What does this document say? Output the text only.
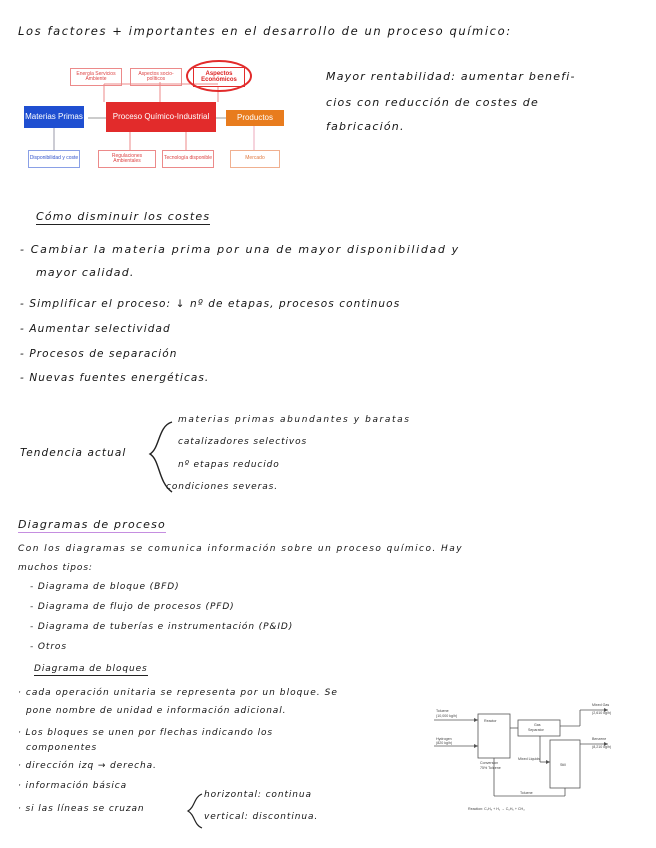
Los factores + importantes en el desarrollo de un proceso químico:
Energía Servicios Ambiente
Aspectos socio-políticos
Aspectos Económicos
Materias Primas	Proceso Químico-Industrial	Productos
Disponibilidad y coste	Regulaciones Ambientales	Tecnología disponible	Mercado
Mayor rentabilidad: aumentar benefi-
cios con reducción de costes de
fabricación.
Cómo disminuir los costes
- Cambiar la materia prima por una de mayor disponibilidad y
mayor calidad.
- Simplificar el proceso: ↓ nº de etapas, procesos continuos
- Aumentar selectividad
- Procesos de separación
- Nuevas fuentes energéticas.
Tendencia actual
materias primas abundantes y baratas
catalizadores selectivos
nº etapas reducido
condiciones severas.
Diagramas de proceso
Con los diagramas se comunica información sobre un proceso químico. Hay
muchos tipos:
- Diagrama de bloque (BFD)
- Diagrama de flujo de procesos (PFD)
- Diagrama de tuberías e instrumentación (P&ID)
- Otros
Diagrama de bloques
· cada operación unitaria se representa por un bloque. Se
pone nombre de unidad e información adicional.
· Los bloques se unen por flechas indicando los
componentes
· dirección izq → derecha.
· información básica
· si las líneas se cruzan
horizontal: continua
vertical: discontinua.
Toluene
(10,000 kg/h)
Hydrogen
(820 kg/h)
Reactor
Gas
Separator
Conversion
75% Toluene
Mixed Gas
(2,610 kg/h)
Benzene
(8,210 kg/h)
Mixed Liquids
Still
Toluene
Reaction: C₇H₈ + H₂ → C₆H₆ + CH₄
